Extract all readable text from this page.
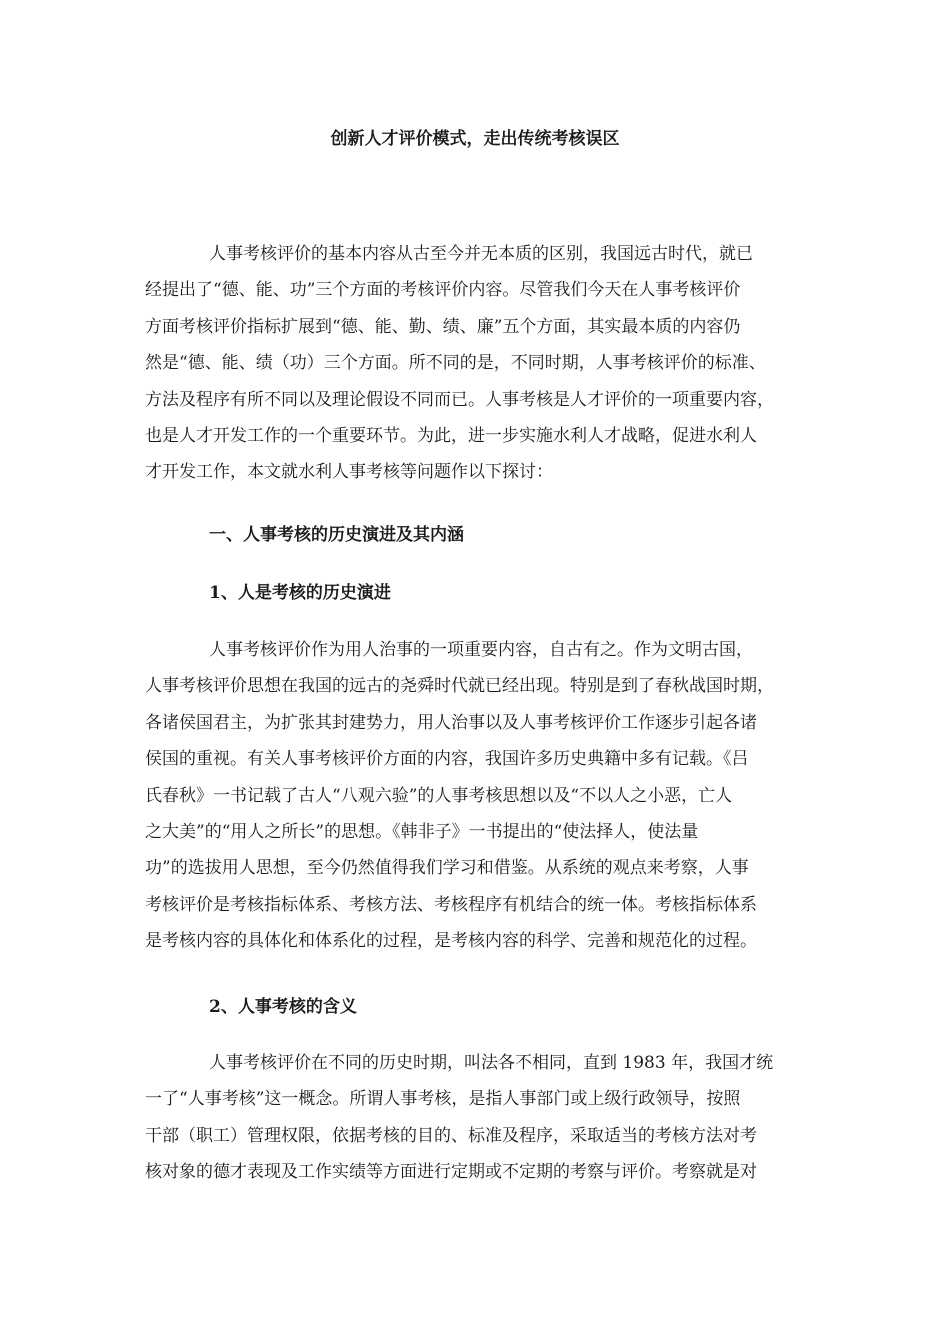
创新人才评价模式，走出传统考核误区
人事考核评价的基本内容从古至今并无本质的区别，我国远古时代，就已
经提出了“德、能、功”三个方面的考核评价内容。尽管我们今天在人事考核评价
方面考核评价指标扩展到“德、能、勤、绩、廉”五个方面，其实最本质的内容仍
然是“德、能、绩（功）三个方面。所不同的是，不同时期，人事考核评价的标准、
方法及程序有所不同以及理论假设不同而已。人事考核是人才评价的一项重要内容，
也是人才开发工作的一个重要环节。为此，进一步实施水利人才战略，促进水利人
才开发工作，本文就水利人事考核等问题作以下探讨：
一、人事考核的历史演进及其内涵
1、人是考核的历史演进
人事考核评价作为用人治事的一项重要内容，自古有之。作为文明古国，
人事考核评价思想在我国的远古的尧舜时代就已经出现。特别是到了春秋战国时期，
各诸侯国君主，为扩张其封建势力，用人治事以及人事考核评价工作逐步引起各诸
侯国的重视。有关人事考核评价方面的内容，我国许多历史典籍中多有记载。《吕
氏春秋》一书记载了古人“八观六验”的人事考核思想以及“不以人之小恶，亡人
之大美”的“用人之所长”的思想。《韩非子》一书提出的“使法择人，使法量
功”的选拔用人思想，至今仍然值得我们学习和借鉴。从系统的观点来考察，人事
考核评价是考核指标体系、考核方法、考核程序有机结合的统一体。考核指标体系
是考核内容的具体化和体系化的过程，是考核内容的科学、完善和规范化的过程。
2、人事考核的含义
人事考核评价在不同的历史时期，叫法各不相同，直到 1983 年，我国才统
一了“人事考核”这一概念。所谓人事考核，是指人事部门或上级行政领导，按照
干部（职工）管理权限，依据考核的目的、标准及程序，采取适当的考核方法对考
核对象的德才表现及工作实绩等方面进行定期或不定期的考察与评价。考察就是对
